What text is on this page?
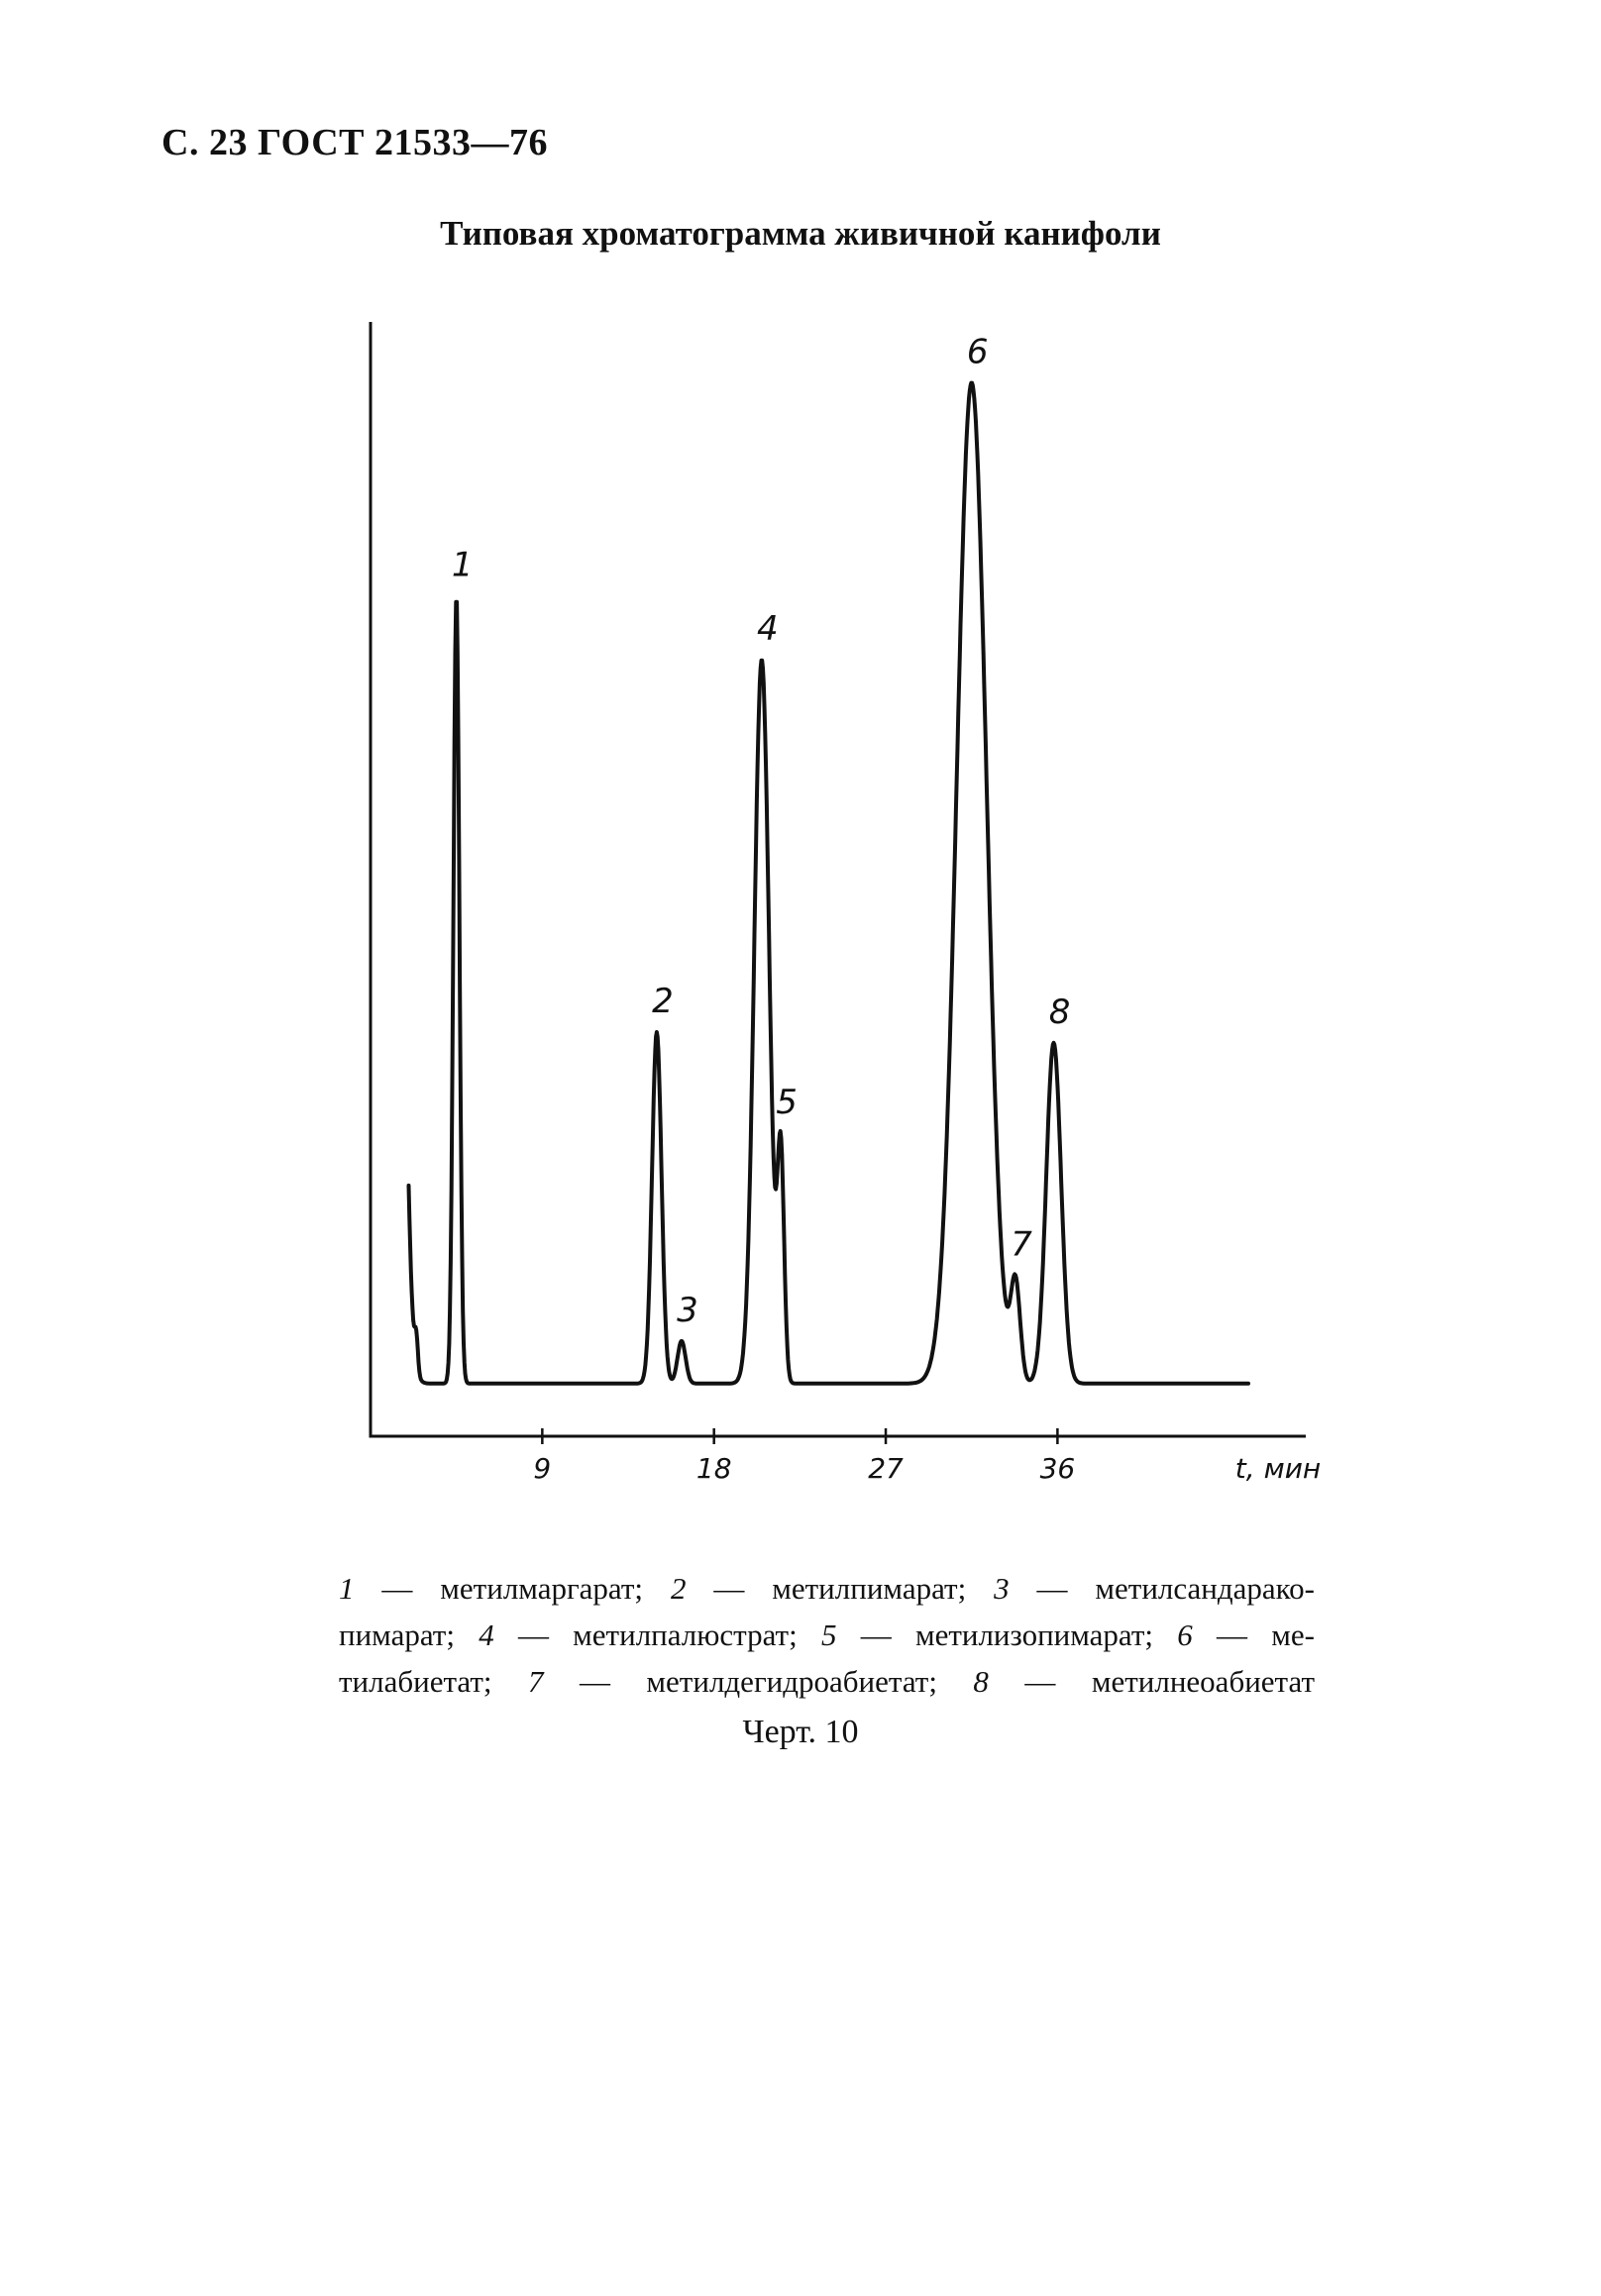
С. 23 ГОСТ 21533—76
Типовая хроматограмма живичной канифоли
9	18	27	36
1
2
3
4
5
6
7
8
t, мин
1 — метилмаргарат; 2 — метилпимарат; 3 — метилсандарако-
пимарат; 4 — метилпалюстрат; 5 — метилизопимарат; 6 — ме-
тилабиетат; 7 — метилдегидроабиетат; 8 — метилнеоабиетат
Черт. 10
